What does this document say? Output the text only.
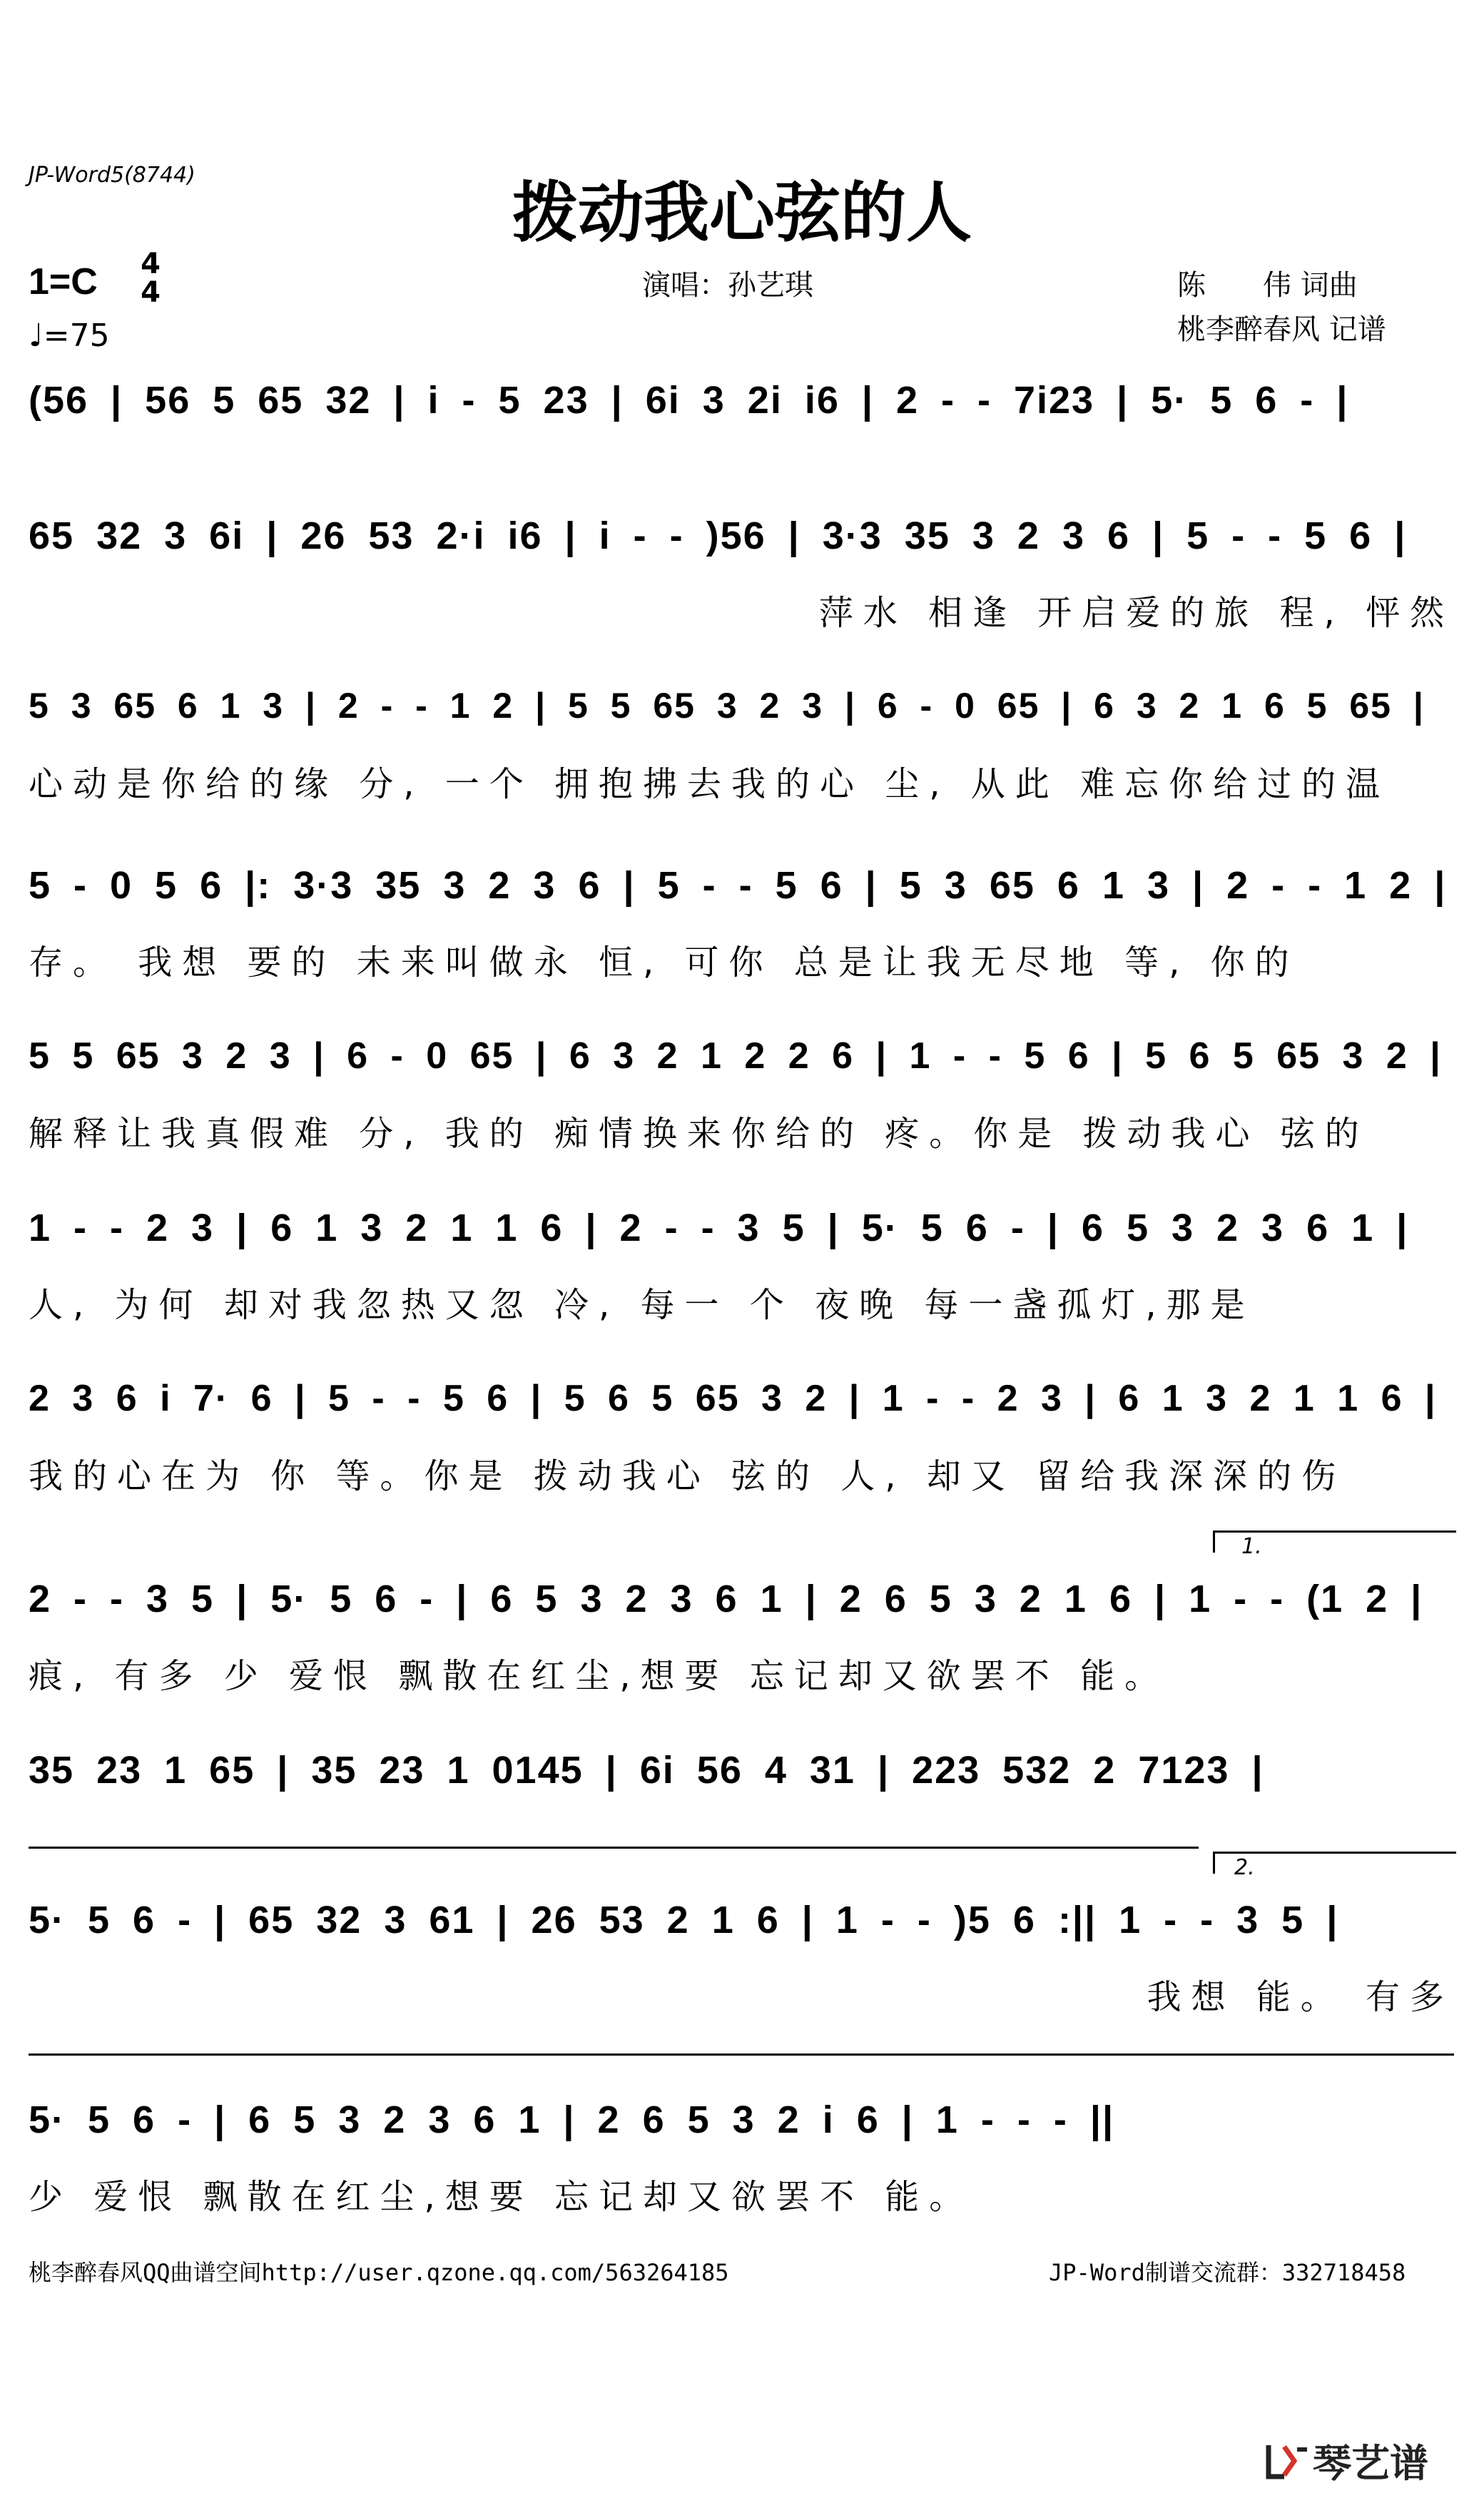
JP-Word5(8744)	拨动我心弦的人
1=C 4
4
♩=75
演唱：孙艺琪	陈　　伟 词曲
桃李醉春风 记谱
(56 | 56 5 65 32 | i - 5 23 | 6i 3 2i i6 | 2 - - 7i23 | 5· 5 6 - |
65 32 3 6i | 26 53 2·i i6 | i - - )56 | 3·3 35 3 2 3 6 | 5 - - 5 6 |
萍水 相逢 开启爱的旅 程, 怦然
5 3 65 6 1 3 | 2 - - 1 2 | 5 5 65 3 2 3 | 6 - 0 65 | 6 3 2 1 6 5 65 |
心动是你给的缘 分, 一个 拥抱拂去我的心 尘, 从此 难忘你给过的温
5 - 0 5 6 |: 3·3 35 3 2 3 6 | 5 - - 5 6 | 5 3 65 6 1 3 | 2 - - 1 2 |
存。 我想 要的 未来叫做永 恒, 可你 总是让我无尽地 等, 你的
5 5 65 3 2 3 | 6 - 0 65 | 6 3 2 1 2 2 6 | 1 - - 5 6 | 5 6 5 65 3 2 |
解释让我真假难 分, 我的 痴情换来你给的 疼。你是 拨动我心 弦的
1 - - 2 3 | 6 1 3 2 1 1 6 | 2 - - 3 5 | 5· 5 6 - | 6 5 3 2 3 6 1 |
人, 为何 却对我忽热又忽 冷, 每一 个 夜晚 每一盏孤灯,那是
2 3 6 i 7· 6 | 5 - - 5 6 | 5 6 5 65 3 2 | 1 - - 2 3 | 6 1 3 2 1 1 6 |
我的心在为 你 等。你是 拨动我心 弦的 人, 却又 留给我深深的伤
2 - - 3 5 | 5· 5 6 - | 6 5 3 2 3 6 1 | 2 6 5 3 2 1 6 | 1 - - (1 2 |
痕, 有多 少 爱恨 飘散在红尘,想要 忘记却又欲罢不 能。
35 23 1 65 | 35 23 1 0145 | 6i 56 4 31 | 223 532 2 7123 |
5· 5 6 - | 65 32 3 61 | 26 53 2 1 6 | 1 - - )5 6 :|| 1 - - 3 5 |
我想 能。 有多
5· 5 6 - | 6 5 3 2 3 6 1 | 2 6 5 3 2 i 6 | 1 - - - ||
少 爱恨 飘散在红尘,想要 忘记却又欲罢不 能。
1.
2.
桃李醉春风QQ曲谱空间http://user.qzone.qq.com/563264185	JP-Word制谱交流群：332718458
琴艺谱
